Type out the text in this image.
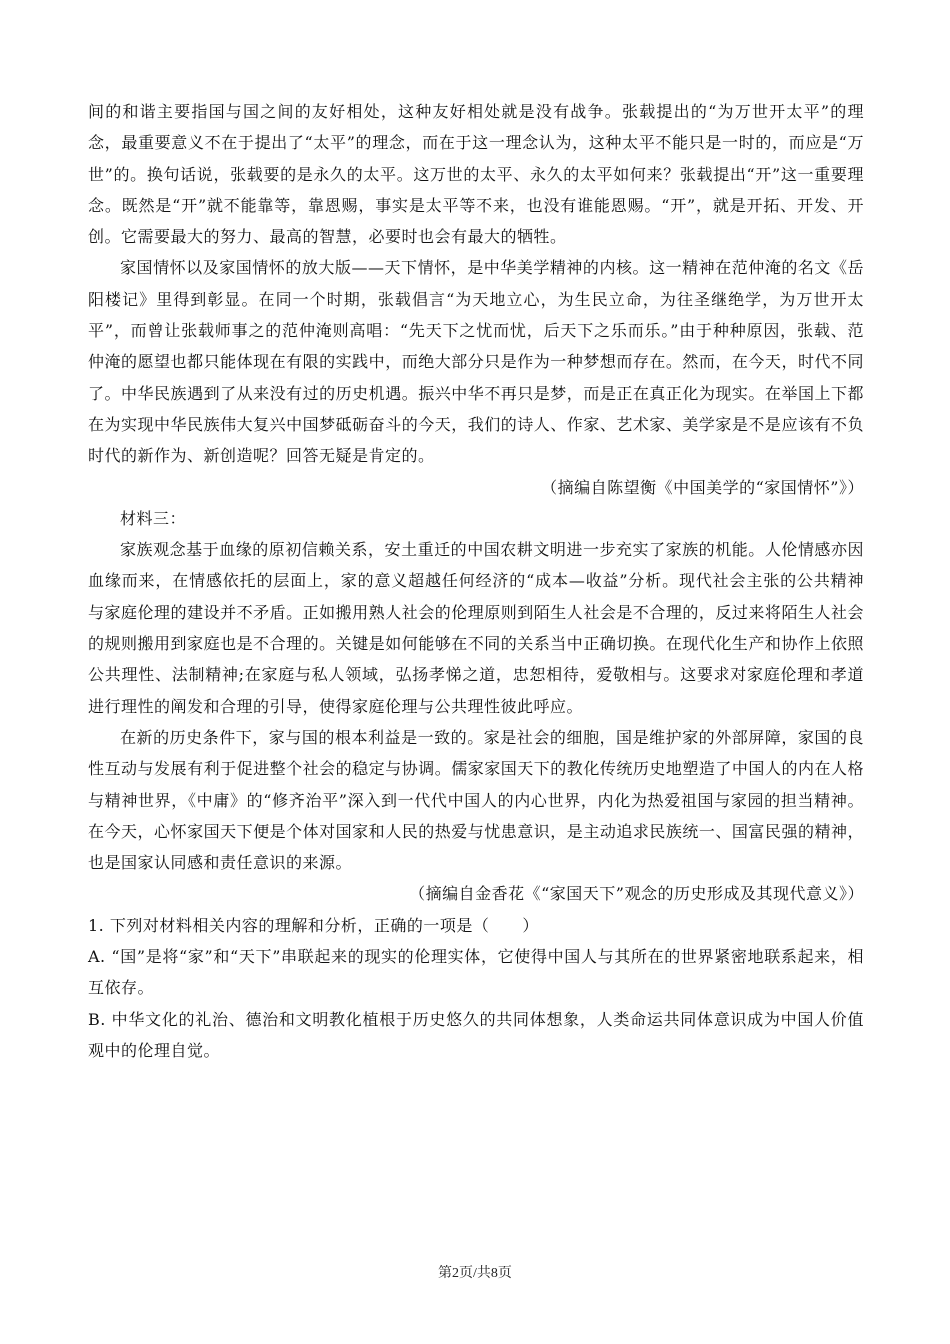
间的和谐主要指国与国之间的友好相处，这种友好相处就是没有战争。张载提出的“为万世开太平”的理念，最重要意义不在于提出了“太平”的理念，而在于这一理念认为，这种太平不能只是一时的，而应是“万世”的。换句话说，张载要的是永久的太平。这万世的太平、永久的太平如何来？张载提出“开”这一重要理念。既然是“开”就不能靠等，靠恩赐，事实是太平等不来，也没有谁能恩赐。“开”，就是开拓、开发、开创。它需要最大的努力、最高的智慧，必要时也会有最大的牺牲。

家国情怀以及家国情怀的放大版——天下情怀，是中华美学精神的内核。这一精神在范仲淹的名文《岳阳楼记》里得到彰显。在同一个时期，张载倡言“为天地立心，为生民立命，为往圣继绝学，为万世开太平”，而曾让张载师事之的范仲淹则高唱：“先天下之忧而忧，后天下之乐而乐。”由于种种原因，张载、范仲淹的愿望也都只能体现在有限的实践中，而绝大部分只是作为一种梦想而存在。然而，在今天，时代不同了。中华民族遇到了从来没有过的历史机遇。振兴中华不再只是梦，而是正在真正化为现实。在举国上下都在为实现中华民族伟大复兴中国梦砥砺奋斗的今天，我们的诗人、作家、艺术家、美学家是不是应该有不负时代的新作为、新创造呢？回答无疑是肯定的。

（摘编自陈望衡《中国美学的“家国情怀”》）

材料三：

家族观念基于血缘的原初信赖关系，安土重迁的中国农耕文明进一步充实了家族的机能。人伦情感亦因血缘而来，在情感依托的层面上，家的意义超越任何经济的“成本—收益”分析。现代社会主张的公共精神与家庭伦理的建设并不矛盾。正如搬用熟人社会的伦理原则到陌生人社会是不合理的，反过来将陌生人社会的规则搬用到家庭也是不合理的。关键是如何能够在不同的关系当中正确切换。在现代化生产和协作上依照公共理性、法制精神;在家庭与私人领域，弘扬孝悌之道，忠恕相待，爱敬相与。这要求对家庭伦理和孝道进行理性的阐发和合理的引导，使得家庭伦理与公共理性彼此呼应。

在新的历史条件下，家与国的根本利益是一致的。家是社会的细胞，国是维护家的外部屏障，家国的良性互动与发展有利于促进整个社会的稳定与协调。儒家家国天下的教化传统历史地塑造了中国人的内在人格与精神世界，《中庸》的“修齐治平”深入到一代代中国人的内心世界，内化为热爱祖国与家园的担当精神。在今天，心怀家国天下便是个体对国家和人民的热爱与忧患意识，是主动追求民族统一、国富民强的精神，也是国家认同感和责任意识的来源。

（摘编自金香花《“家国天下”观念的历史形成及其现代意义》）

1. 下列对材料相关内容的理解和分析，正确的一项是（　　）

A. “国”是将“家”和“天下”串联起来的现实的伦理实体，它使得中国人与其所在的世界紧密地联系起来，相互依存。

B. 中华文化的礼治、德治和文明教化植根于历史悠久的共同体想象，人类命运共同体意识成为中国人价值观中的伦理自觉。

第2页/共8页
